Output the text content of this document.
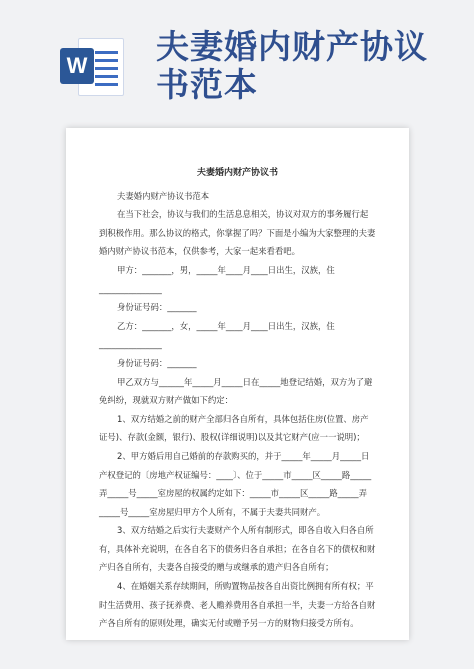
W 夫妻婚内财产协议
书范本

夫妻婚内财产协议书

夫妻婚内财产协议书范本

在当下社会，协议与我们的生活息息相关，协议对双方的事务履行起到积极作用。那么协议的格式，你掌握了吗？下面是小编为大家整理的夫妻婚内财产协议书范本，仅供参考，大家一起来看看吧。

甲方：_______，男，_____年____月____日出生，汉族，住_______________

身份证号码：_______

乙方：_______，女，_____年____月____日出生，汉族，住_______________

身份证号码：_______

甲乙双方与______年_____月_____日在_____地登记结婚，双方为了避免纠纷，现就双方财产做如下约定：

1、双方结婚之前的财产全部归各自所有，具体包括住房(位置、房产证号)、存款(金额，银行)、股权(详细说明)以及其它财产(应一一说明)；

2、甲方婚后用自己婚前的存款购买的，并于_____年_____月_____日产权登记的〔房地产权证编号：____〕、位于_____市_____区_____路_____弄_____号_____室房屋的权属约定如下：_____市_____区_____路_____弄_____号_____室房屋归甲方个人所有，不属于夫妻共同财产。

3、双方结婚之后实行夫妻财产个人所有制形式，即各自收入归各自所有，具体补充说明，在各自名下的债务归各自承担；在各自名下的债权和财产归各自所有，夫妻各自接受的赠与或继承的遗产归各自所有；

4、在婚姻关系存续期间，所购置物品按各自出资比例拥有所有权；平时生活费用、孩子抚养费、老人赡养费用各自承担一半，夫妻一方给各自财产各自所有的原则处理，确实无付或赠予另一方的财物归接受方所有。
